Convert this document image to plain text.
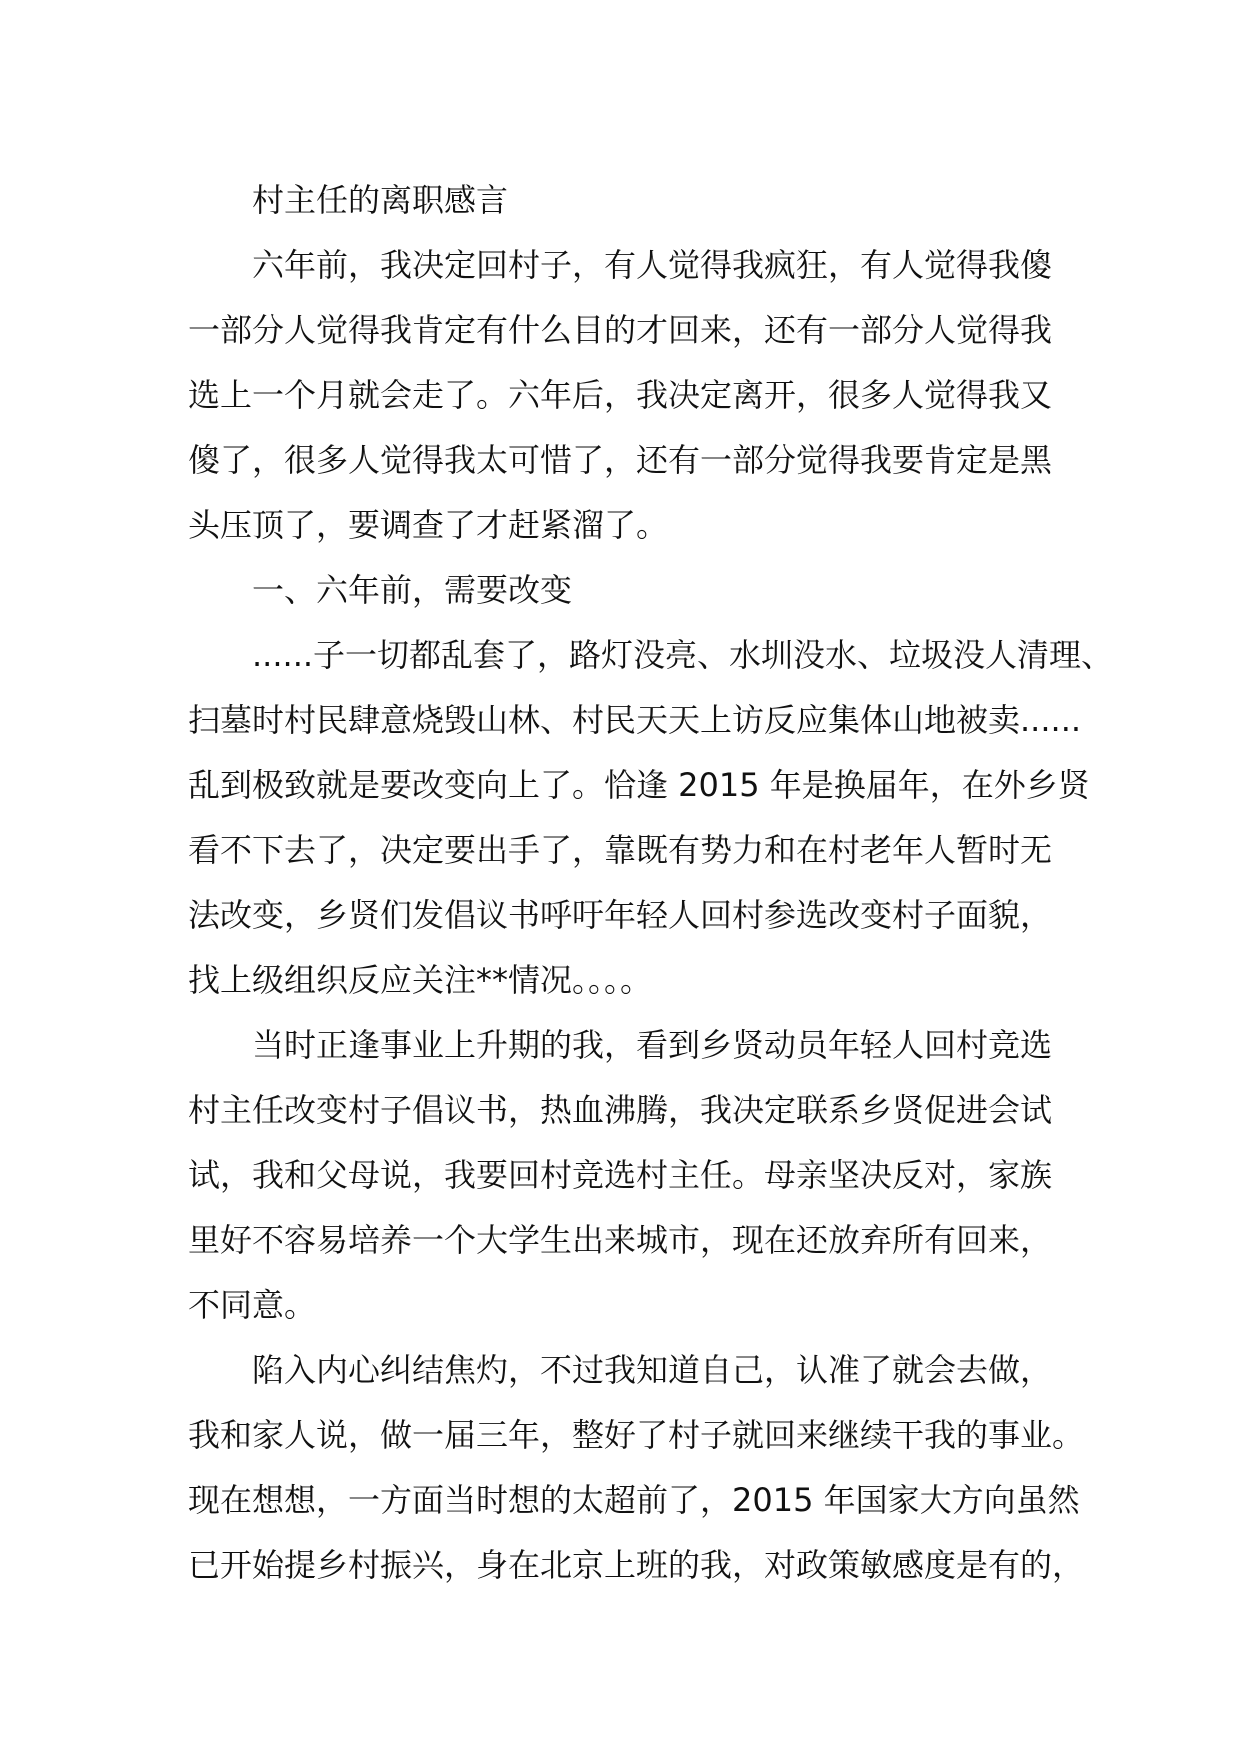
村主任的离职感言
六年前，我决定回村子，有人觉得我疯狂，有人觉得我傻
一部分人觉得我肯定有什么目的才回来，还有一部分人觉得我
选上一个月就会走了。六年后，我决定离开，很多人觉得我又
傻了，很多人觉得我太可惜了，还有一部分觉得我要肯定是黑
头压顶了，要调查了才赶紧溜了。
一、六年前，需要改变
......子一切都乱套了，路灯没亮、水圳没水、垃圾没人清理、
扫墓时村民肆意烧毁山林、村民天天上访反应集体山地被卖......
乱到极致就是要改变向上了。恰逢 2015 年是换届年，在外乡贤
看不下去了，决定要出手了，靠既有势力和在村老年人暂时无
法改变，乡贤们发倡议书呼吁年轻人回村参选改变村子面貌，
找上级组织反应关注**情况。。。。
当时正逢事业上升期的我，看到乡贤动员年轻人回村竞选
村主任改变村子倡议书，热血沸腾，我决定联系乡贤促进会试
试，我和父母说，我要回村竞选村主任。母亲坚决反对，家族
里好不容易培养一个大学生出来城市，现在还放弃所有回来，
不同意。
陷入内心纠结焦灼，不过我知道自己，认准了就会去做，
我和家人说，做一届三年，整好了村子就回来继续干我的事业。
现在想想，一方面当时想的太超前了，2015 年国家大方向虽然
已开始提乡村振兴，身在北京上班的我，对政策敏感度是有的，
